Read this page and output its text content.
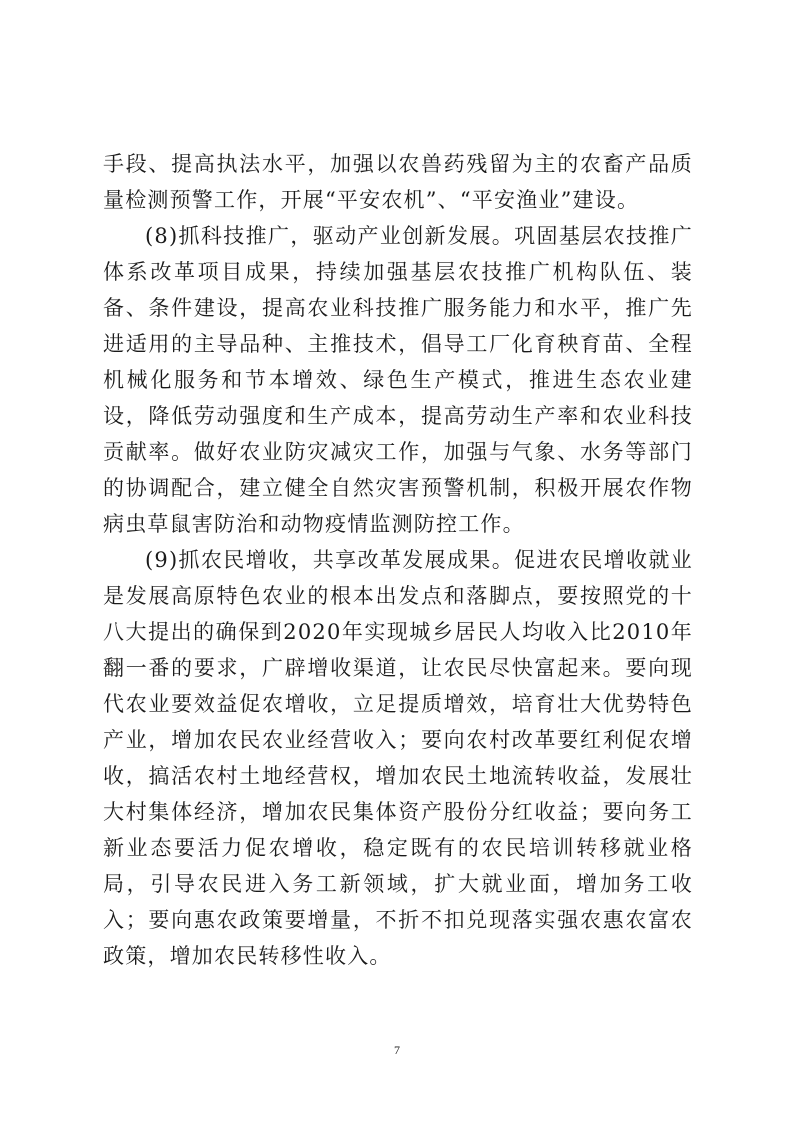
手段、提高执法水平，加强以农兽药残留为主的农畜产品质量检测预警工作，开展“平安农机”、“平安渔业”建设。

(8)抓科技推广，驱动产业创新发展。巩固基层农技推广体系改革项目成果，持续加强基层农技推广机构队伍、装备、条件建设，提高农业科技推广服务能力和水平，推广先进适用的主导品种、主推技术，倡导工厂化育秧育苗、全程机械化服务和节本增效、绿色生产模式，推进生态农业建设，降低劳动强度和生产成本，提高劳动生产率和农业科技贡献率。做好农业防灾减灾工作，加强与气象、水务等部门的协调配合，建立健全自然灾害预警机制，积极开展农作物病虫草鼠害防治和动物疫情监测防控工作。

(9)抓农民增收，共享改革发展成果。促进农民增收就业是发展高原特色农业的根本出发点和落脚点，要按照党的十八大提出的确保到2020年实现城乡居民人均收入比2010年翻一番的要求，广辟增收渠道，让农民尽快富起来。要向现代农业要效益促农增收，立足提质增效，培育壮大优势特色产业，增加农民农业经营收入；要向农村改革要红利促农增收，搞活农村土地经营权，增加农民土地流转收益，发展壮大村集体经济，增加农民集体资产股份分红收益；要向务工新业态要活力促农增收，稳定既有的农民培训转移就业格局，引导农民进入务工新领域，扩大就业面，增加务工收入；要向惠农政策要增量，不折不扣兑现落实强农惠农富农政策，增加农民转移性收入。

7
